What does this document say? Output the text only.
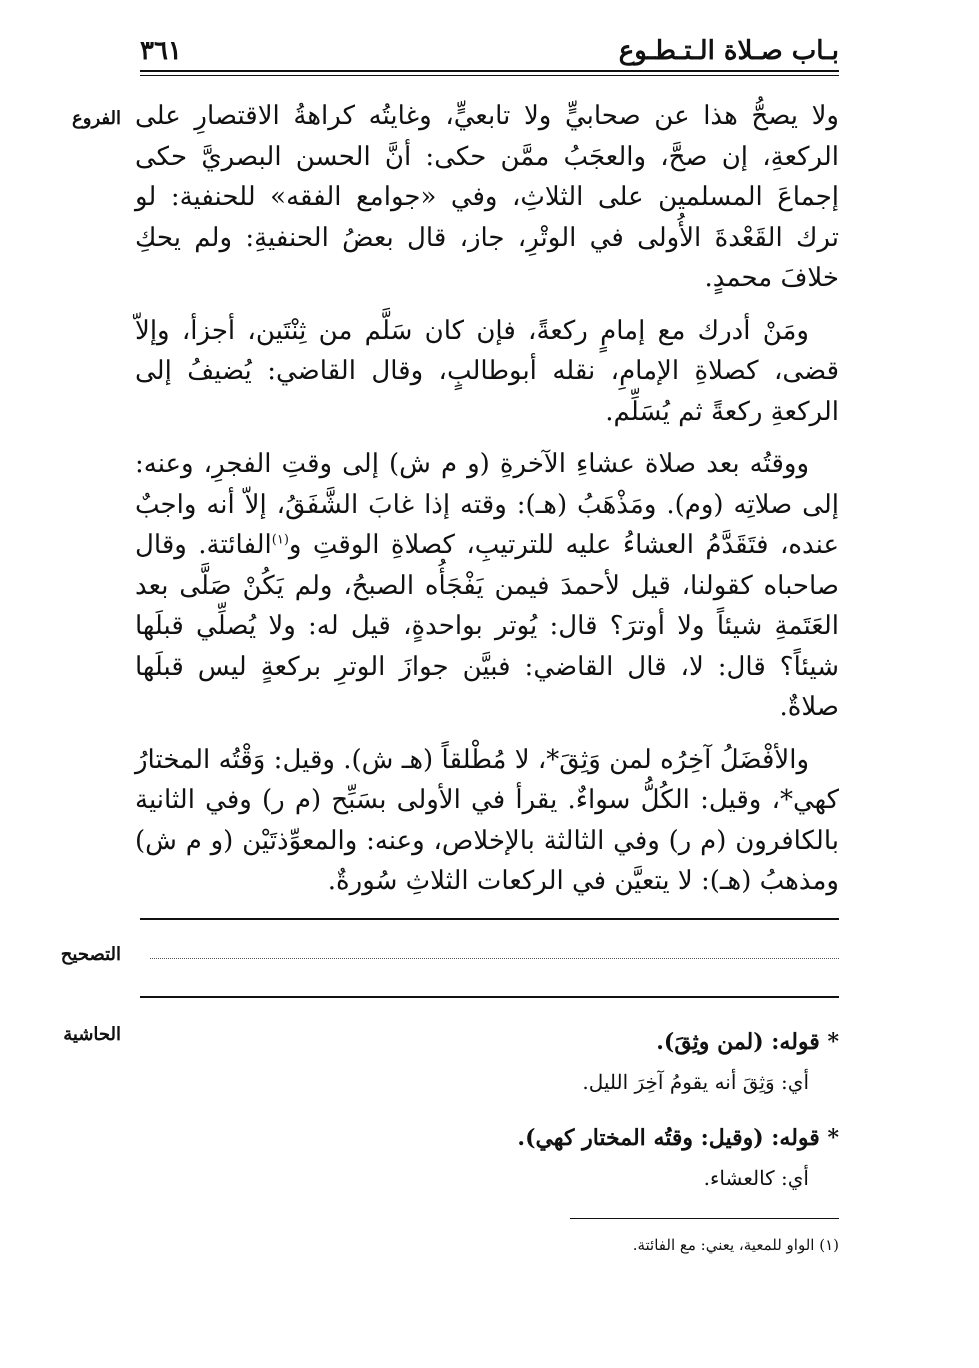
بـاب صـلاة الـتـطـوع
٣٦١
الفروع
التصحيح
الحاشية

ولا يصحُّ هذا عن صحابيٍّ ولا تابعيٍّ، وغايتُه كراهةُ الاقتصارِ على الركعةِ، إن صحَّ، والعجَبُ ممَّن حكى: أنَّ الحسن البصريَّ حكى إجماعَ المسلمين على الثلاثِ، وفي «جوامع الفقه» للحنفية: لو ترك القَعْدةَ الأُولى في الوتْرِ، جاز، قال بعضُ الحنفيةِ: ولم يحكِ خلافَ محمدٍ.

ومَنْ أدرك مع إمامٍ ركعةً، فإن كان سَلَّم من ثِنْتَين، أجزأ، وإلاّ قضى، كصلاةِ الإمامِ، نقله أبوطالبٍ، وقال القاضي: يُضيفُ إلى الركعةِ ركعةً ثم يُسَلِّم.

ووقتُه بعد صلاة عشاءِ الآخرةِ (و م ش) إلى وقتِ الفجرِ، وعنه: إلى صلاتِه (وم). ومَذْهَبُ (هـ): وقته إذا غابَ الشَّفَقُ، إلاّ أنه واجبٌ عنده، فتَقَدَّمُ العشاءُ عليه للترتيبِ، كصلاةِ الوقتِ و$^{(١)}$الفائتة. وقال صاحباه كقولنا، قيل لأحمدَ فيمن يَفْجَأُه الصبحُ، ولم يَكُنْ صَلَّى بعد العَتَمةِ شيئاً ولا أوترَ؟ قال: يُوتر بواحدةٍ، قيل له: ولا يُصلِّي قبلَها شيئاً؟ قال: لا، قال القاضي: فبيَّن جوازَ الوترِ بركعةٍ ليس قبلَها صلاةٌ.

والأفْضَلُ آخِرُه لمن وَثِقَ*، لا مُطْلقاً (هـ ش). وقيل: وَقْتُه المختارُ كهي*، وقيل: الكُلُّ سواءٌ. يقرأ في الأولى بسَبِّح (م ر) وفي الثانية بالكافرون (م ر) وفي الثالثة بالإخلاص، وعنه: والمعوِّذتَيْن (و م ش) ومذهبُ (هـ): لا يتعيَّن في الركعات الثلاثِ سُورةٌ.

* قوله: (لمن وثِقَ).
أي: وَثِقَ أنه يقومُ آخِرَ الليل.
* قوله: (وقيل: وقتُه المختار كهي).
أي: كالعشاء.
(١) الواو للمعية، يعني: مع الفائتة.
